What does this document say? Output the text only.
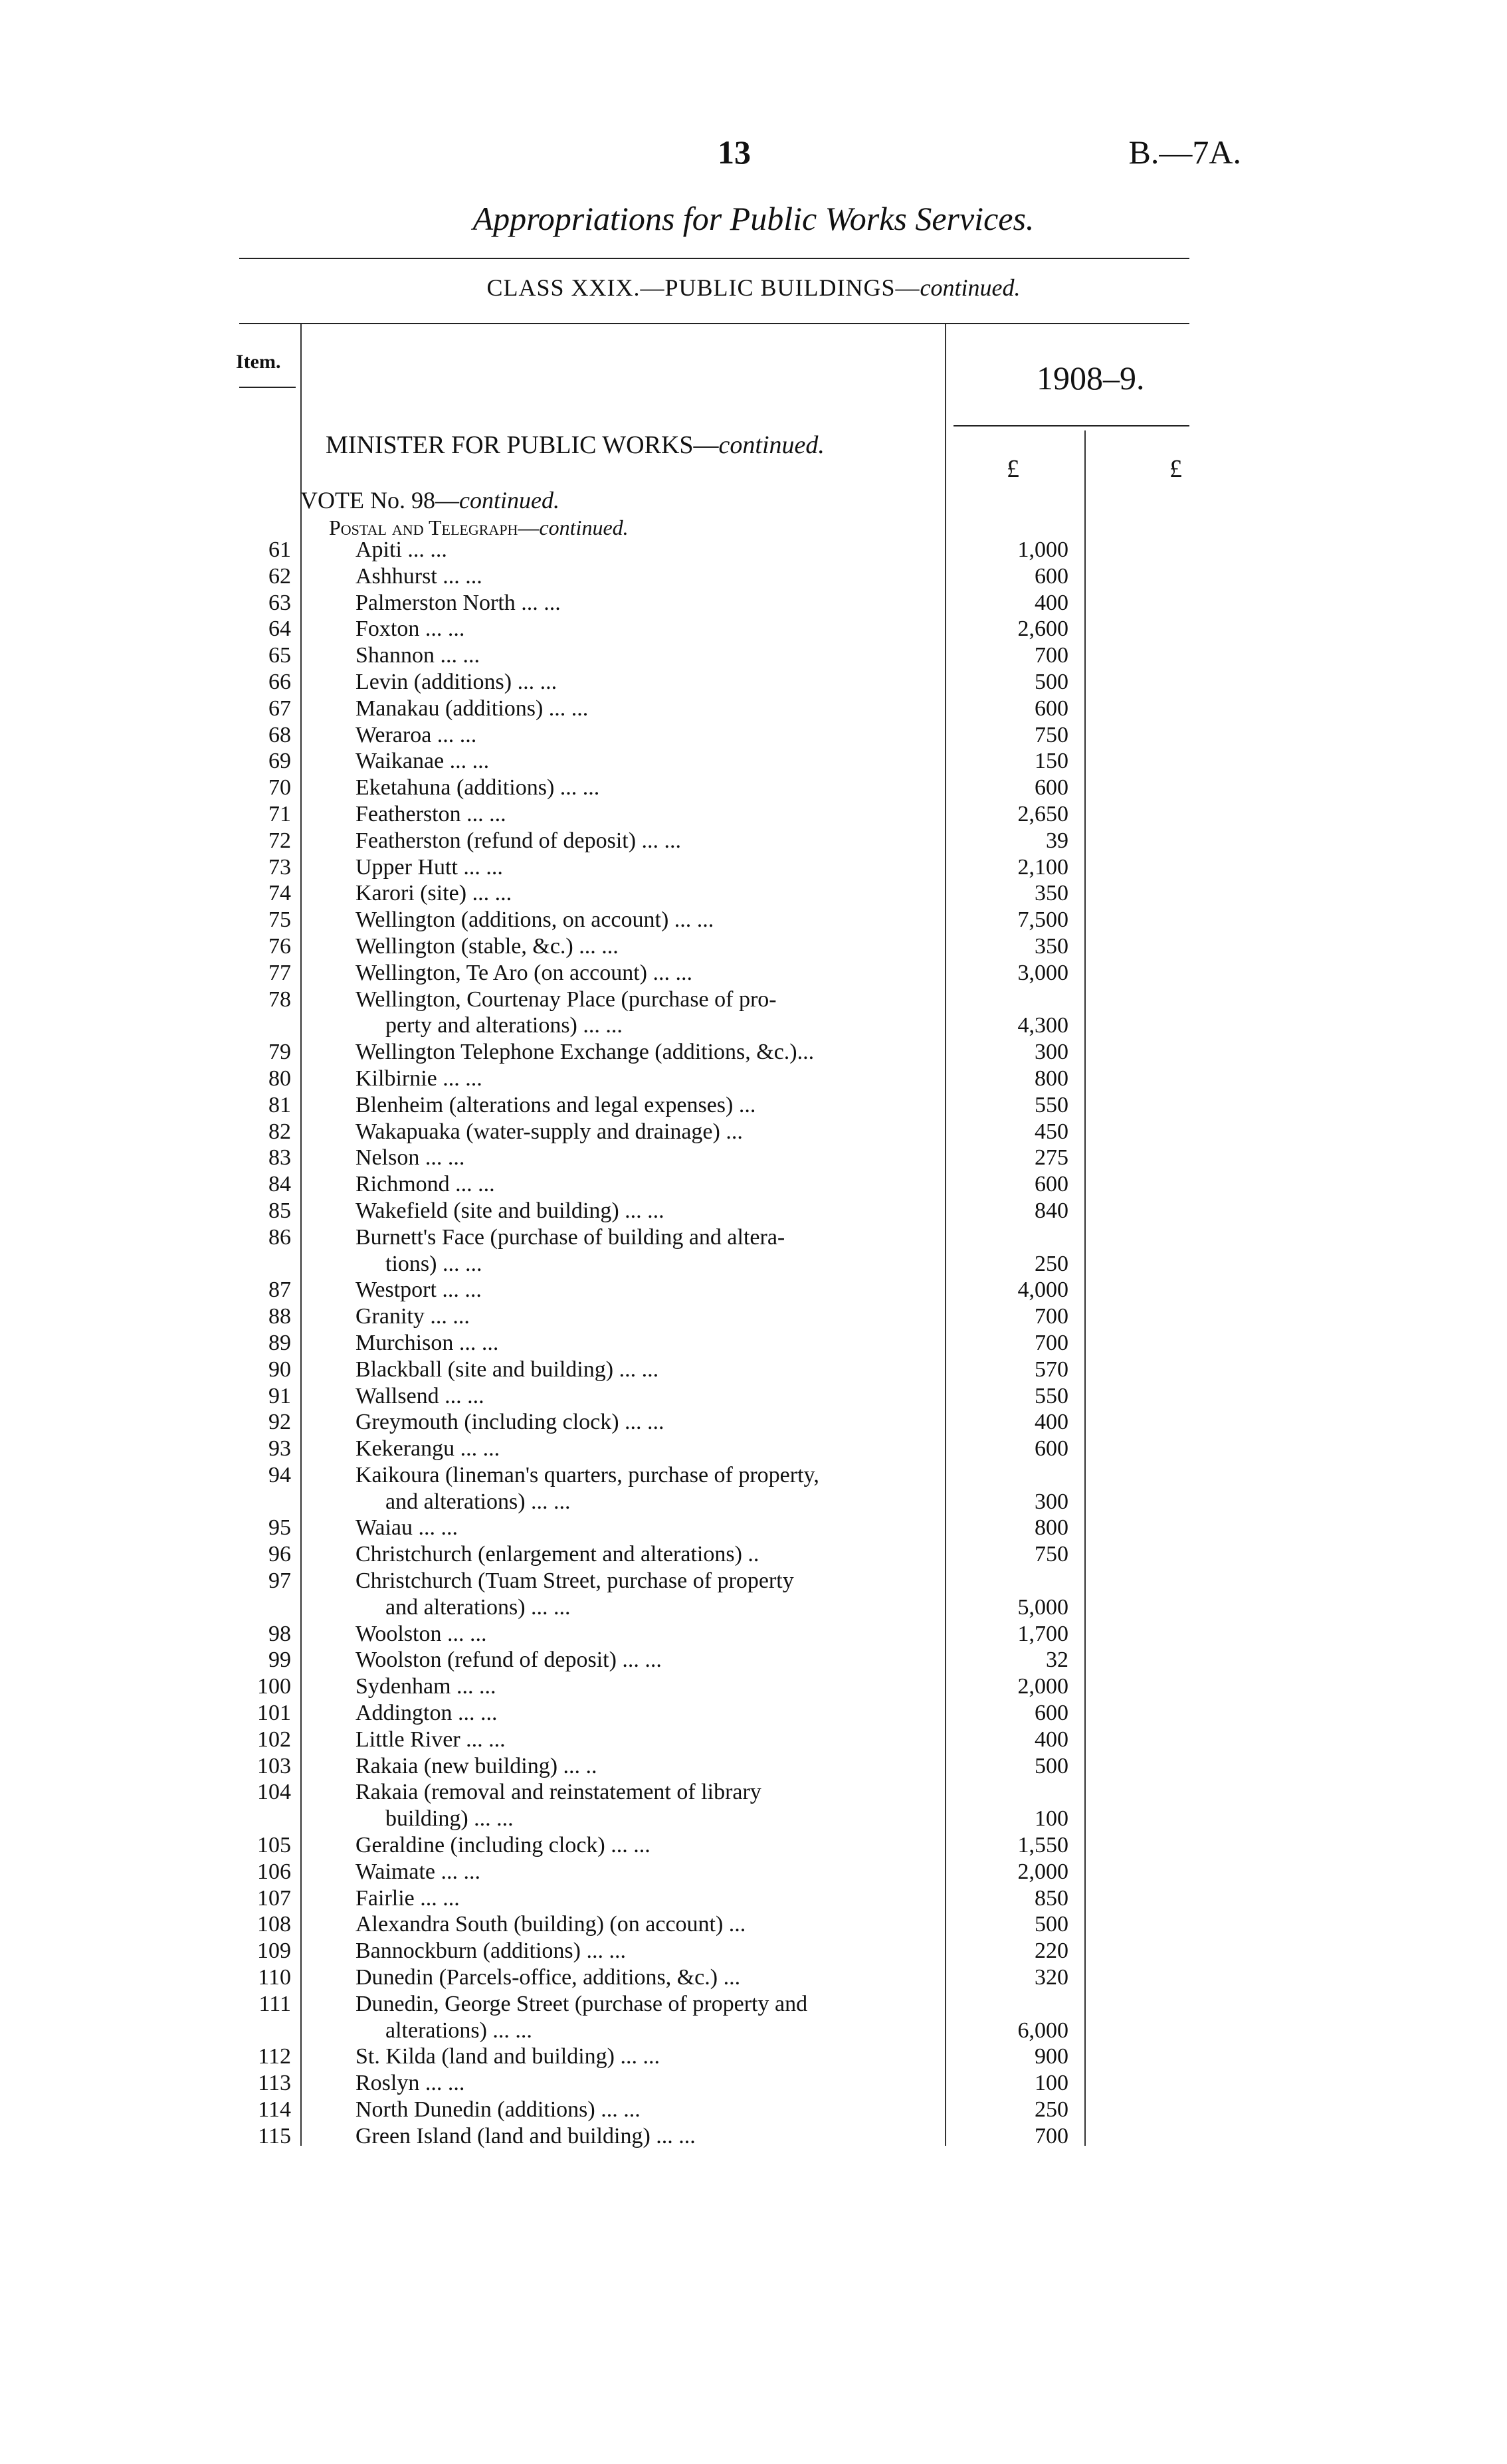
13	B.—7A.
Appropriations for Public Works Services.
CLASS XXIX.—PUBLIC BUILDINGS—continued.
Item.	1908–9.
MINISTER FOR PUBLIC WORKS—continued.
£	£
VOTE No. 98—continued.
Postal and Telegraph—continued.
61	Apiti ... ...	1,000
62	Ashhurst ... ...	600
63	Palmerston North ... ...	400
64	Foxton ... ...	2,600
65	Shannon ... ...	700
66	Levin (additions) ... ...	500
67	Manakau (additions) ... ...	600
68	Weraroa ... ...	750
69	Waikanae ... ...	150
70	Eketahuna (additions) ... ...	600
71	Featherston ... ...	2,650
72	Featherston (refund of deposit) ... ...	39
73	Upper Hutt ... ...	2,100
74	Karori (site) ... ...	350
75	Wellington (additions, on account) ... ...	7,500
76	Wellington (stable, &c.) ... ...	350
77	Wellington, Te Aro (on account) ... ...	3,000
78	Wellington, Courtenay Place (purchase of pro-
perty and alterations) ... ...	4,300
79	Wellington Telephone Exchange (additions, &c.)...	300
80	Kilbirnie ... ...	800
81	Blenheim (alterations and legal expenses) ...	550
82	Wakapuaka (water-supply and drainage) ...	450
83	Nelson ... ...	275
84	Richmond ... ...	600
85	Wakefield (site and building) ... ...	840
86	Burnett's Face (purchase of building and altera-
tions) ... ...	250
87	Westport ... ...	4,000
88	Granity ... ...	700
89	Murchison ... ...	700
90	Blackball (site and building) ... ...	570
91	Wallsend ... ...	550
92	Greymouth (including clock) ... ...	400
93	Kekerangu ... ...	600
94	Kaikoura (lineman's quarters, purchase of property,
and alterations) ... ...	300
95	Waiau ... ...	800
96	Christchurch (enlargement and alterations) ..	750
97	Christchurch (Tuam Street, purchase of property
and alterations) ... ...	5,000
98	Woolston ... ...	1,700
99	Woolston (refund of deposit) ... ...	32
100	Sydenham ... ...	2,000
101	Addington ... ...	600
102	Little River ... ...	400
103	Rakaia (new building) ... ..	500
104	Rakaia (removal and reinstatement of library
building) ... ...	100
105	Geraldine (including clock) ... ...	1,550
106	Waimate ... ...	2,000
107	Fairlie ... ...	850
108	Alexandra South (building) (on account) ...	500
109	Bannockburn (additions) ... ...	220
110	Dunedin (Parcels-office, additions, &c.) ...	320
111	Dunedin, George Street (purchase of property and
alterations) ... ...	6,000
112	St. Kilda (land and building) ... ...	900
113	Roslyn ... ...	100
114	North Dunedin (additions) ... ...	250
115	Green Island (land and building) ... ...	700
